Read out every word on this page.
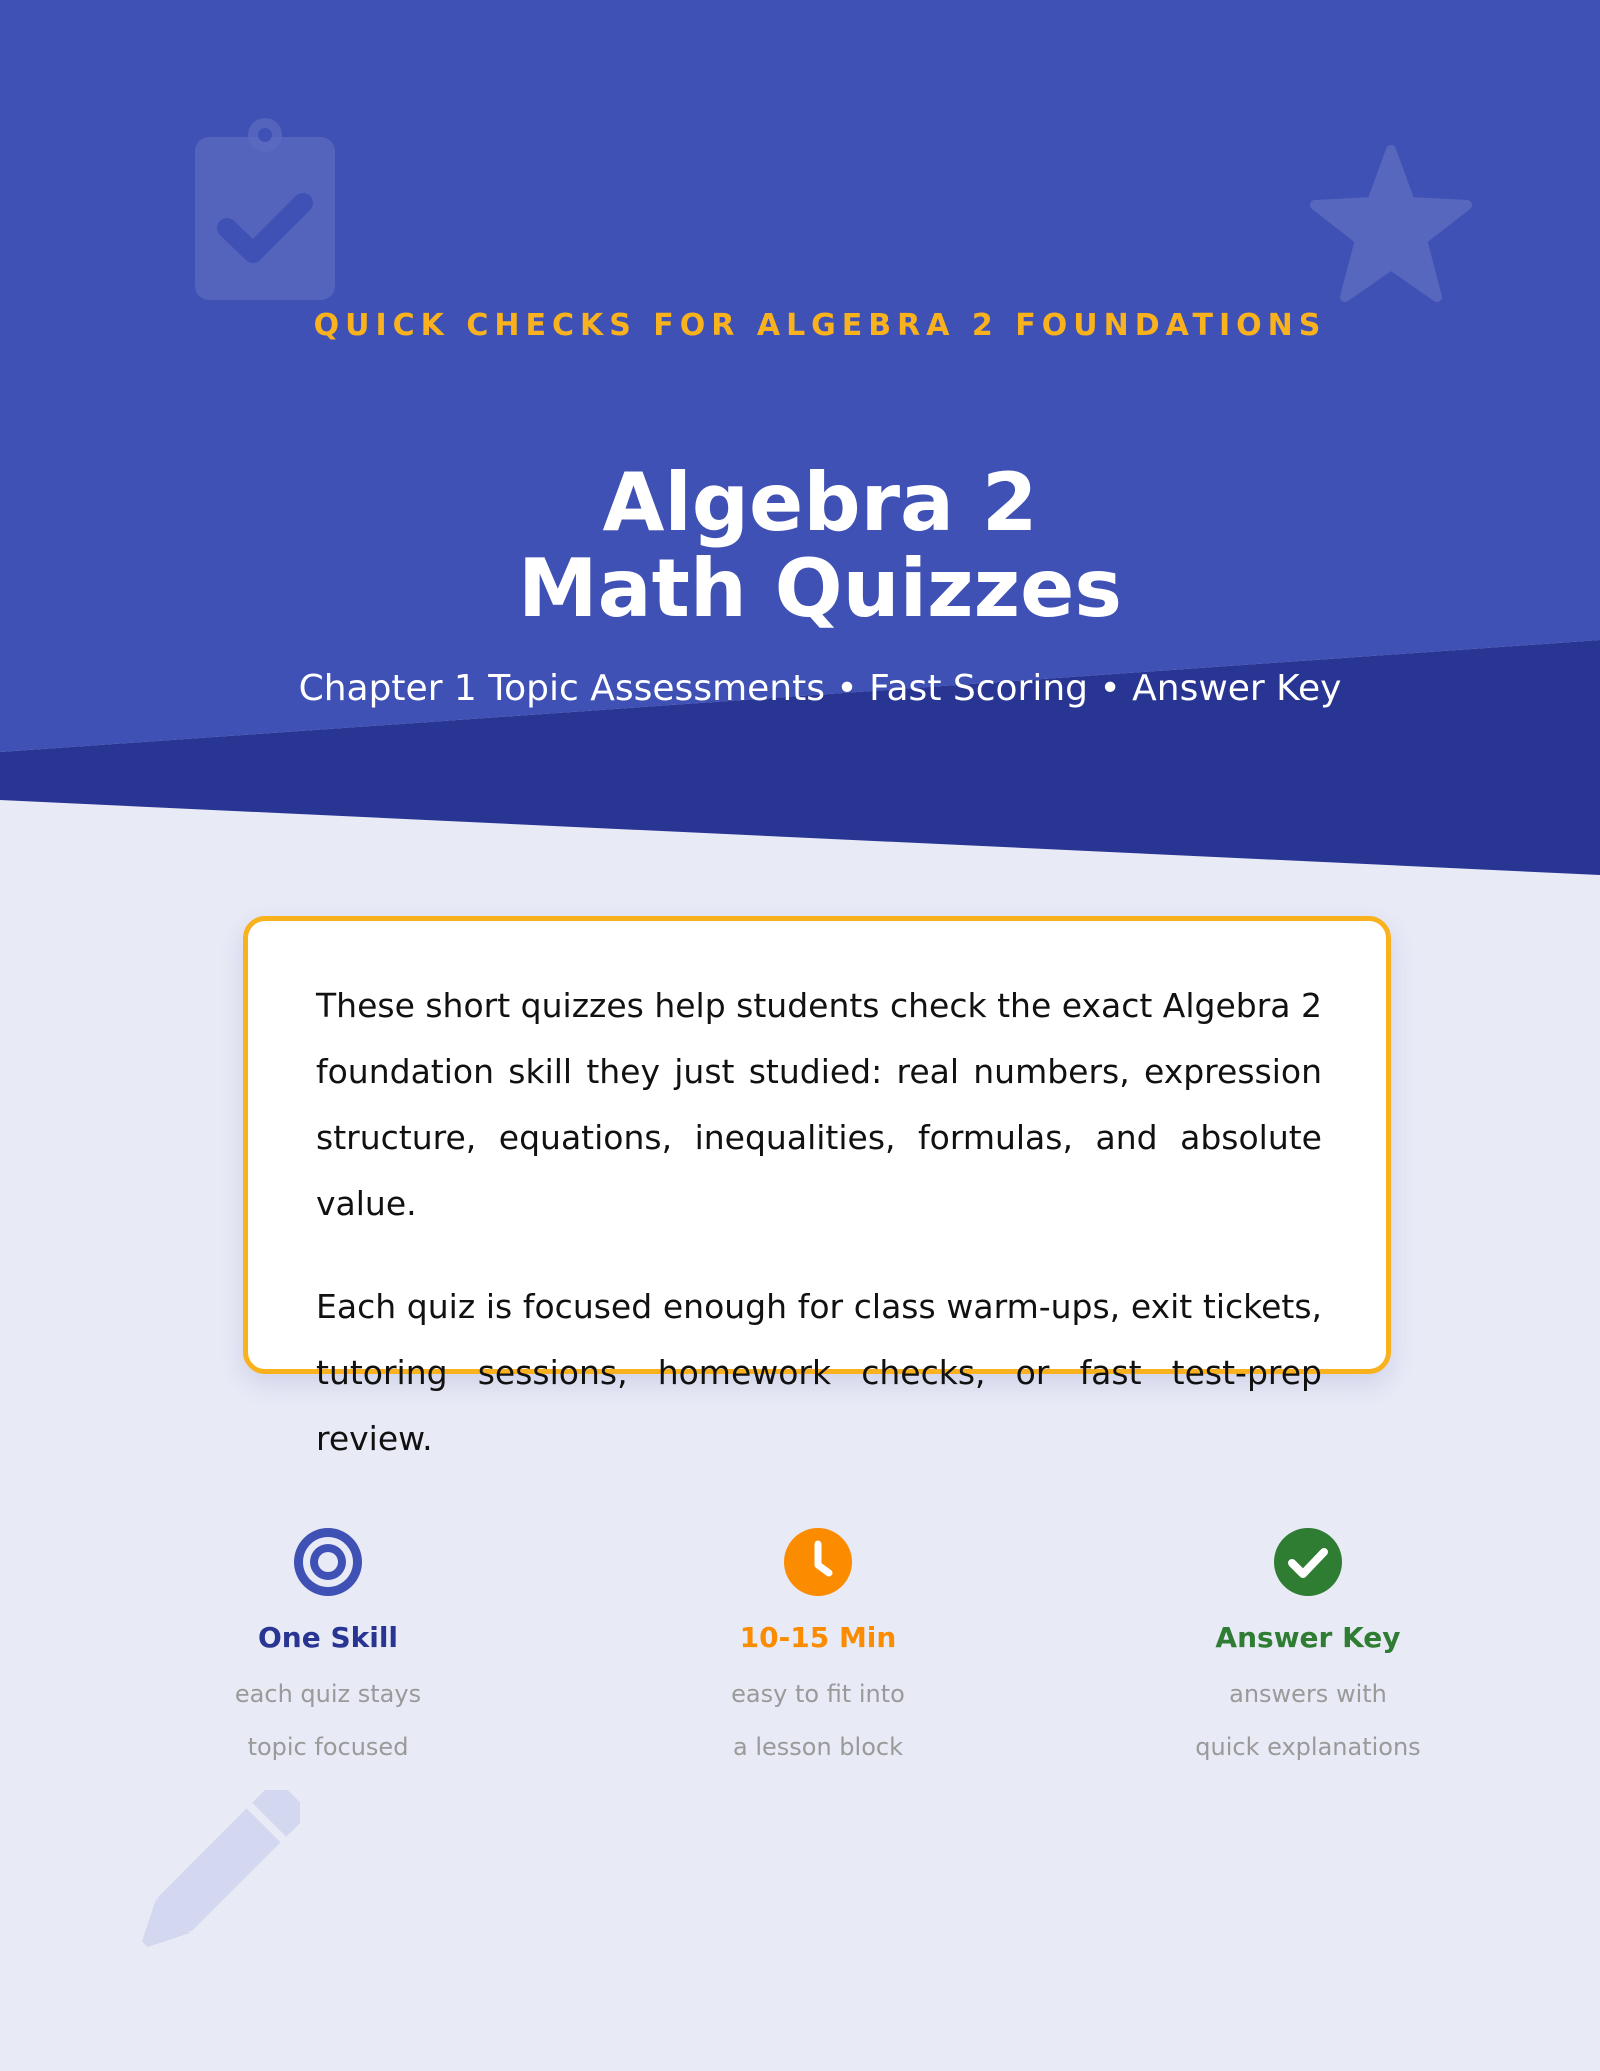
QUICK CHECKS FOR ALGEBRA 2 FOUNDATIONS
Algebra 2
Math Quizzes
Chapter 1 Topic Assessments • Fast Scoring • Answer Key

These short quizzes help students check the exact Algebra 2 foundation skill they just studied: real numbers, expression structure, equations, inequalities, formulas, and absolute value.

Each quiz is focused enough for class warm-ups, exit tickets, tutoring sessions, homework checks, or fast test-prep review.

One Skill
each quiz stays
topic focused
10-15 Min
easy to fit into
a lesson block
Answer Key
answers with
quick explanations
